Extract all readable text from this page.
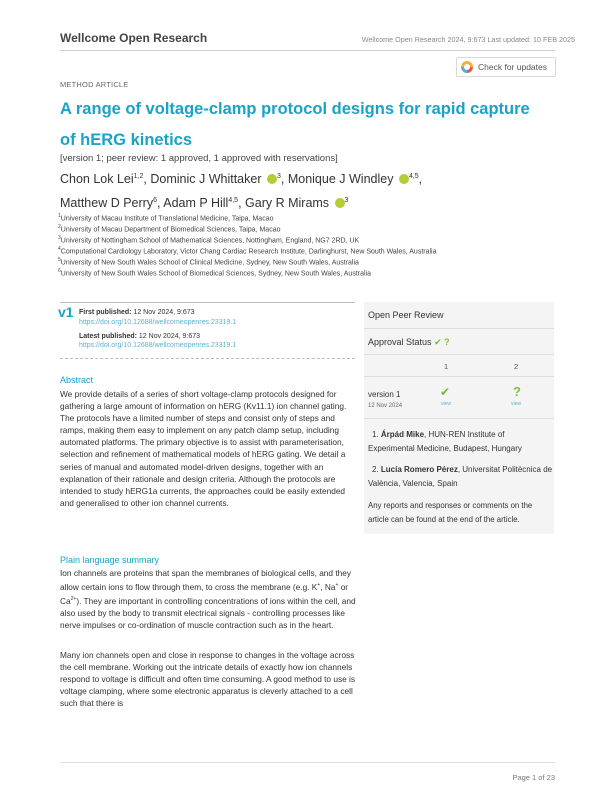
Wellcome Open Research	Wellcome Open Research 2024, 9:673 Last updated: 10 FEB 2025
METHOD ARTICLE
Check for updates
A range of voltage-clamp protocol designs for rapid capture
of hERG kinetics
[version 1; peer review: 1 approved, 1 approved with reservations]
Chon Lok Lei$^{1,2}$, Dominic J Whittaker $^3$, Monique J Windley $^{4,5}$,
Matthew D Perry$^6$, Adam P Hill$^{4,5}$, Gary R Mirams $^3$
$^1$University of Macau Institute of Translational Medicine, Taipa, Macao
$^2$University of Macau Department of Biomedical Sciences, Taipa, Macao
$^3$University of Nottingham School of Mathematical Sciences, Nottingham, England, NG7 2RD, UK
$^4$Computational Cardiology Laboratory, Victor Chang Cardiac Research Institute, Darlinghurst, New South Wales, Australia
$^5$University of New South Wales School of Clinical Medicine, Sydney, New South Wales, Australia
$^6$University of New South Wales School of Biomedical Sciences, Sydney, New South Wales, Australia
v1 First published: 12 Nov 2024, 9:673
https://doi.org/10.12688/wellcomeopenres.23319.1
Latest published: 12 Nov 2024, 9:673
https://doi.org/10.12688/wellcomeopenres.23319.1
Abstract
We provide details of a series of short voltage-clamp protocols designed for gathering a large amount of information on hERG (Kv11.1) ion channel gating. The protocols have a limited number of steps and consist only of steps and ramps, making them easy to implement on any patch clamp setup, including automated platforms. The primary objective is to assist with parameterisation, selection and refinement of mathematical models of hERG gating. We detail a series of manual and automated model-driven designs, together with an explanation of their rationale and design criteria. Although the protocols are intended to study hERG1a currents, the approaches could be easily extended and generalised to other ion channel currents.
Plain language summary
Ion channels are proteins that span the membranes of biological cells, and they allow certain ions to flow through them, to cross the membrane (e.g. K+, Na+ or $Ca^{2+}$). They are important in controlling concentrations of ions within the cell, and also used by the body to transmit electrical signals - controlling processes like nerve impulses or co-ordination of muscle contraction such as in the heart.
Many ion channels open and close in response to changes in the voltage across the cell membrane. Working out the intricate details of exactly how ion channels respond to voltage is difficult and often time consuming. A good method to use is voltage clamping, where some electronic apparatus is cleverly attached to a cell such that there is
Open Peer Review
Approval Status ✔ ?
1	2
version 1
12 Nov 2024
✔
view
?
view
1. Árpád Mike, HUN-REN Institute of Experimental Medicine, Budapest, Hungary
2. Lucía Romero Pérez, Universitat Politècnica de València, Valencia, Spain
Any reports and responses or comments on the article can be found at the end of the article.
Page 1 of 23
